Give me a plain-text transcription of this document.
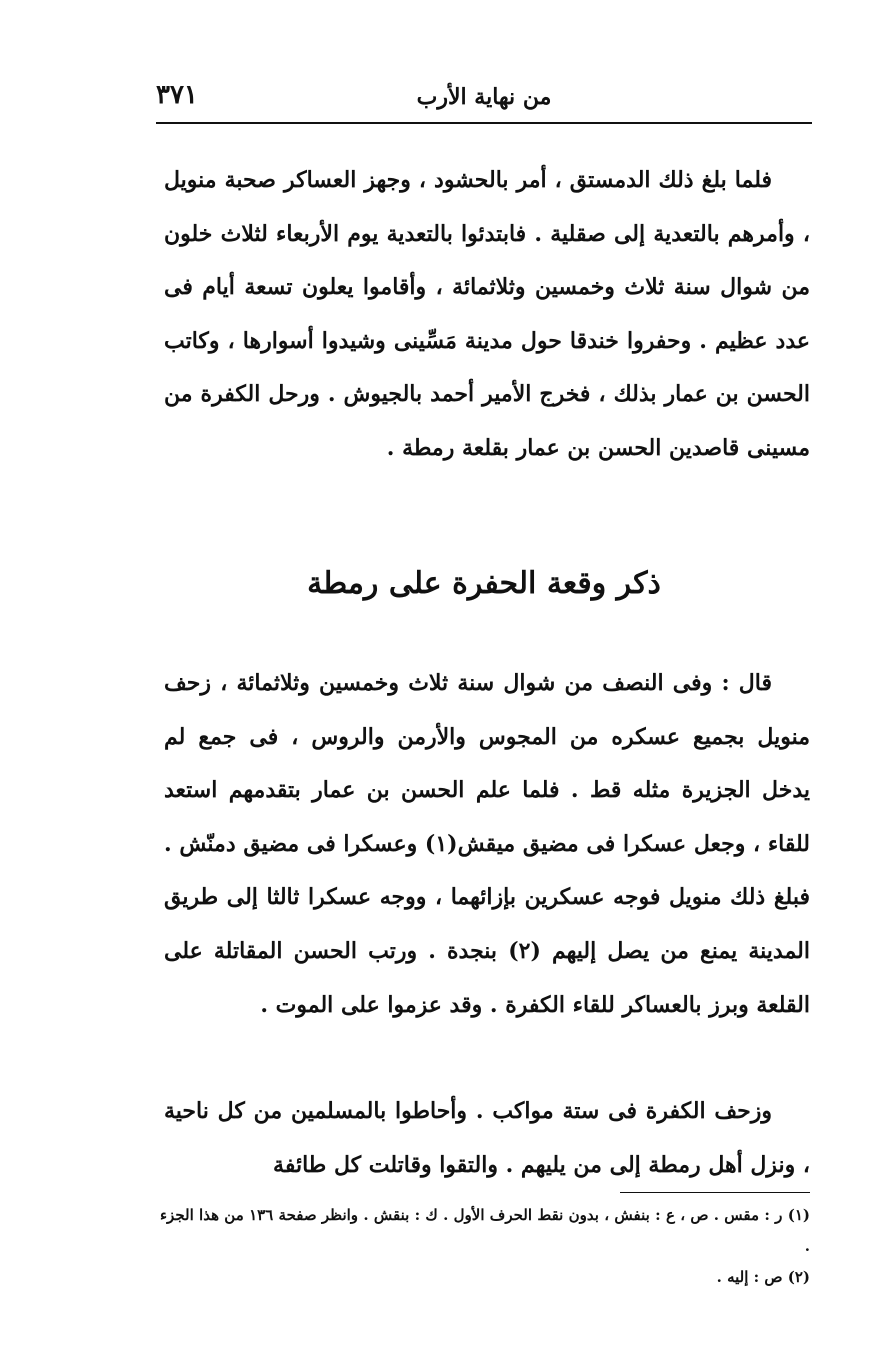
من نهاية الأرب
٣٧١

فلما بلغ ذلك الدمستق ، أمر بالحشود ، وجهز العساكر صحبة منويل ، وأمرهم بالتعدية إلى صقلية . فابتدئوا بالتعدية يوم الأربعاء لثلاث خلون من شوال سنة ثلاث وخمسين وثلاثمائة ، وأقاموا يعلون تسعة أيام فى عدد عظيم . وحفروا خندقا حول مدينة مَسِّينى وشيدوا أسوارها ، وكاتب الحسن بن عمار بذلك ، فخرج الأمير أحمد بالجيوش . ورحل الكفرة من مسينى قاصدين الحسن بن عمار بقلعة رمطة .

ذكر وقعة الحفرة على رمطة

قال : وفى النصف من شوال سنة ثلاث وخمسين وثلاثمائة ، زحف منويل بجميع عسكره من المجوس والأرمن والروس ، فى جمع لم يدخل الجزيرة مثله قط . فلما علم الحسن بن عمار بتقدمهم استعد للقاء ، وجعل عسكرا فى مضيق ميقش(١) وعسكرا فى مضيق دمنّش . فبلغ ذلك منويل فوجه عسكرين بإزائهما ، ووجه عسكرا ثالثا إلى طريق المدينة يمنع من يصل إليهم (٢) بنجدة . ورتب الحسن المقاتلة على القلعة وبرز بالعساكر للقاء الكفرة . وقد عزموا على الموت .

وزحف الكفرة فى ستة مواكب . وأحاطوا بالمسلمين من كل ناحية ، ونزل أهل رمطة إلى من يليهم . والتقوا وقاتلت كل طائفة

(١) ر : مقس . ص ، ع : بنفش ، بدون نقط الحرف الأول . ك : بنقش . وانظر صفحة ١٣٦ من هذا الجزء .

(٢) ص : إليه .
